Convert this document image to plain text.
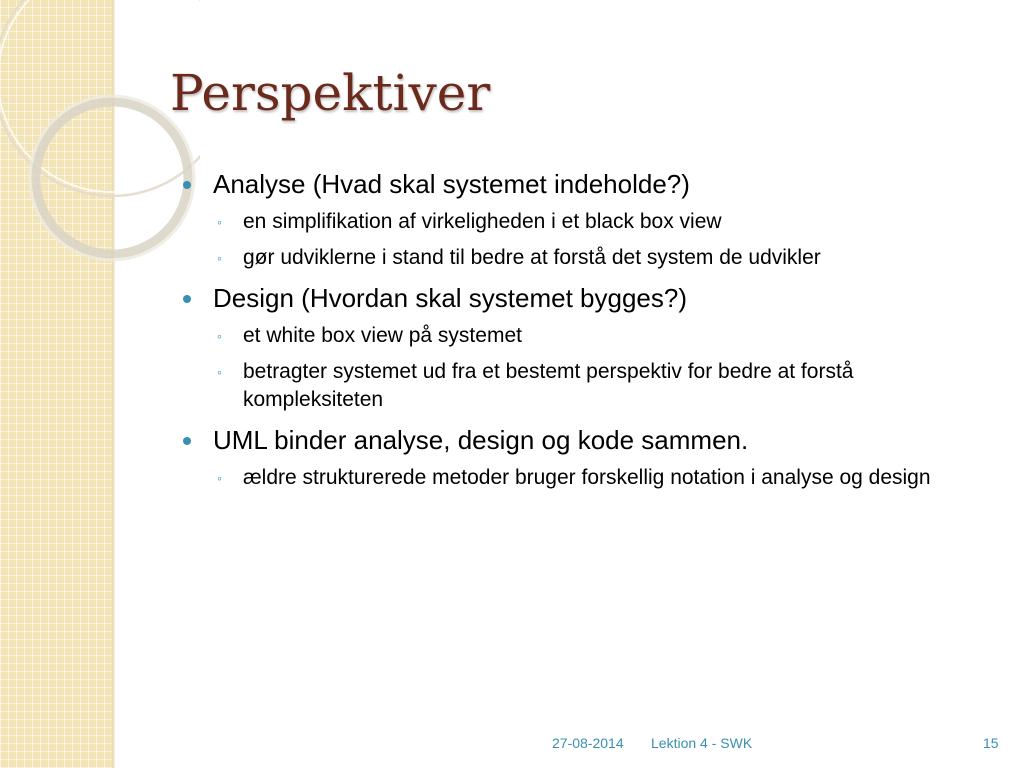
Perspektiver
Analyse (Hvad skal systemet indeholde?)
◦ en simplifikation af virkeligheden i et black box view
◦ gør udviklerne i stand til bedre at forstå det system de udvikler
Design (Hvordan skal systemet bygges?)
◦ et white box view på systemet
◦ betragter systemet ud fra et bestemt perspektiv for bedre at forstå kompleksiteten
UML binder analyse, design og kode sammen.
◦ ældre strukturerede metoder bruger forskellig notation i analyse og design
27-08-2014 Lektion 4 - SWK	15
